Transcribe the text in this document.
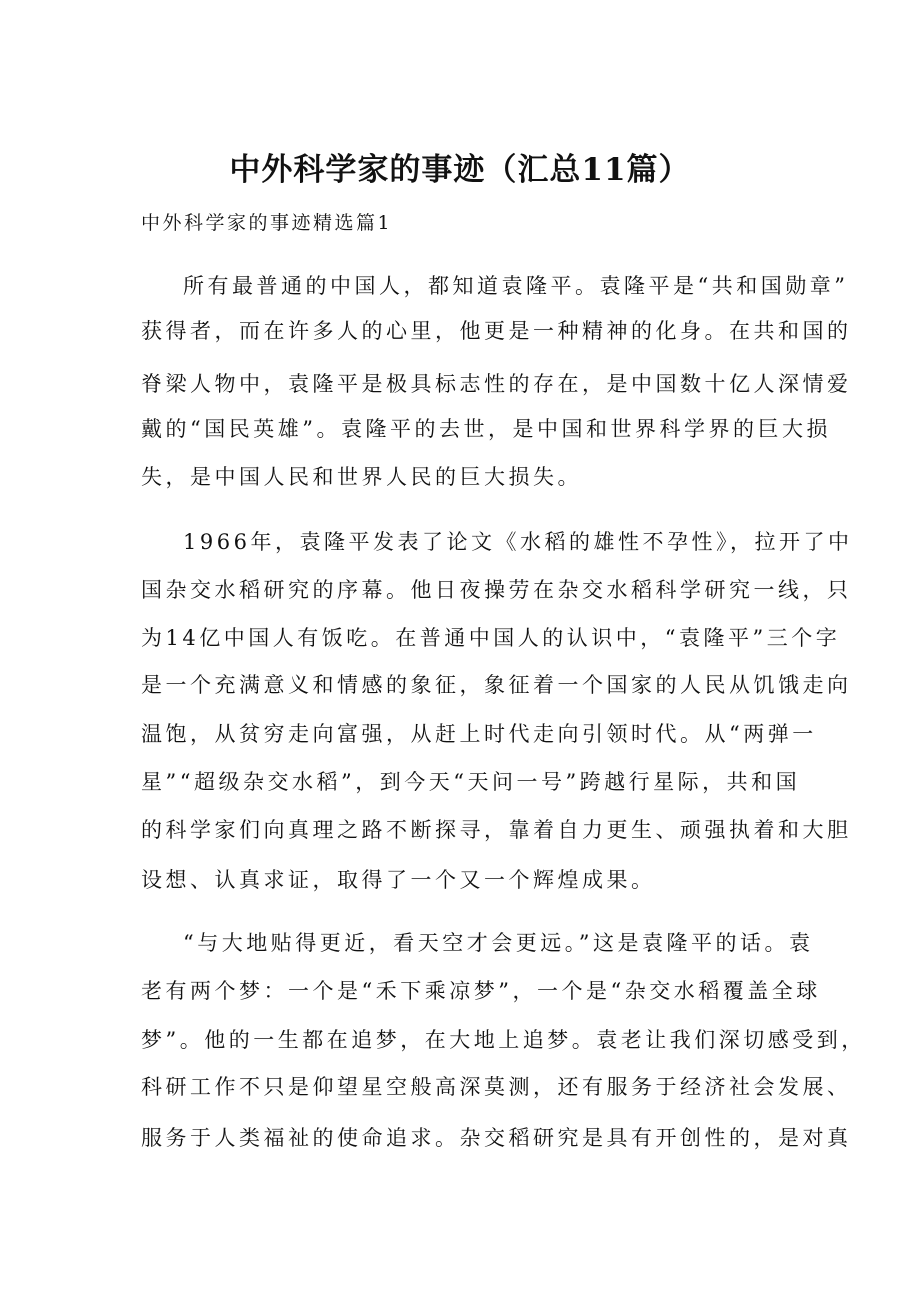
中外科学家的事迹（汇总11篇）
中外科学家的事迹精选篇1
所有最普通的中国人，都知道袁隆平。袁隆平是“共和国勋章”
获得者，而在许多人的心里，他更是一种精神的化身。在共和国的
脊梁人物中，袁隆平是极具标志性的存在，是中国数十亿人深情爱
戴的“国民英雄”。袁隆平的去世，是中国和世界科学界的巨大损
失，是中国人民和世界人民的巨大损失。
1966年，袁隆平发表了论文《水稻的雄性不孕性》，拉开了中
国杂交水稻研究的序幕。他日夜操劳在杂交水稻科学研究一线，只
为14亿中国人有饭吃。在普通中国人的认识中，“袁隆平”三个字
是一个充满意义和情感的象征，象征着一个国家的人民从饥饿走向
温饱，从贫穷走向富强，从赶上时代走向引领时代。从“两弹一
星”“超级杂交水稻”，到今天“天问一号”跨越行星际，共和国
的科学家们向真理之路不断探寻，靠着自力更生、顽强执着和大胆
设想、认真求证，取得了一个又一个辉煌成果。
“与大地贴得更近，看天空才会更远。”这是袁隆平的话。袁
老有两个梦：一个是“禾下乘凉梦”，一个是“杂交水稻覆盖全球
梦”。他的一生都在追梦，在大地上追梦。袁老让我们深切感受到，
科研工作不只是仰望星空般高深莫测，还有服务于经济社会发展、
服务于人类福祉的使命追求。杂交稻研究是具有开创性的，是对真
